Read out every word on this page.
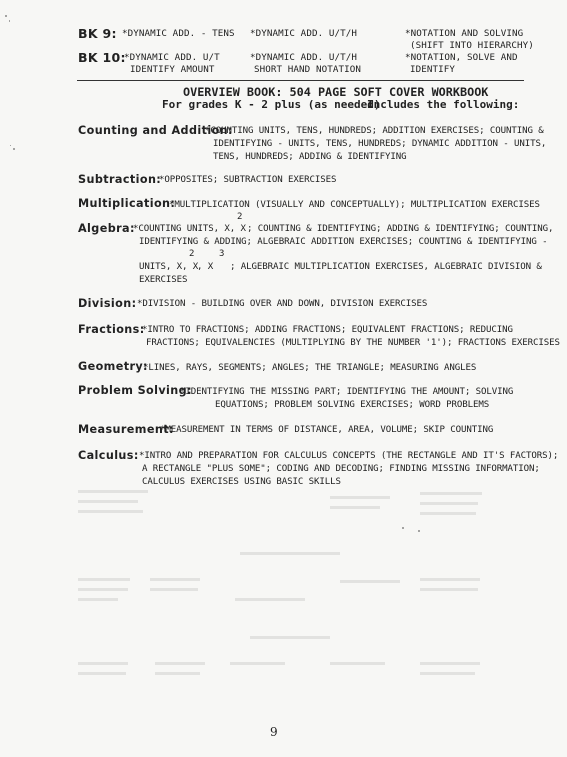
BK 9: *DYNAMIC ADD. - TENS *DYNAMIC ADD. U/T/H	*NOTATION AND SOLVING
(SHIFT INTO HIERARCHY)
BK 10:
*DYNAMIC ADD. U/T
IDENTIFY AMOUNT
*DYNAMIC ADD. U/T/H
SHORT HAND NOTATION
*NOTATION, SOLVE AND
IDENTIFY
OVERVIEW BOOK: 504 PAGE SOFT COVER WORKBOOK
For grades K - 2 plus (as needed)
Includes the following:
Counting and Addition:
*COUNTING UNITS, TENS, HUNDREDS; ADDITION EXERCISES; COUNTING &
IDENTIFYING - UNITS, TENS, HUNDREDS; DYNAMIC ADDITION - UNITS,
TENS, HUNDREDS; ADDING & IDENTIFYING
Subtraction:
*OPPOSITES; SUBTRACTION EXERCISES
Multiplication:
*MULTIPLICATION (VISUALLY AND CONCEPTUALLY); MULTIPLICATION EXERCISES
Algebra:
2
*COUNTING UNITS, X, X ; COUNTING & IDENTIFYING; ADDING & IDENTIFYING; COUNTING,
IDENTIFYING & ADDING; ALGEBRAIC ADDITION EXERCISES; COUNTING & IDENTIFYING -
2	3
UNITS, X, X
, X ; ALGEBRAIC MULTIPLICATION EXERCISES, ALGEBRAIC DIVISION &
EXERCISES
Division: *DIVISION - BUILDING OVER AND DOWN, DIVISION EXERCISES
Fractions:
*INTRO TO FRACTIONS; ADDING FRACTIONS; EQUIVALENT FRACTIONS; REDUCING
FRACTIONS; EQUIVALENCIES (MULTIPLYING BY THE NUMBER '1'); FRACTIONS EXERCISES
Geometry:
*LINES, RAYS, SEGMENTS; ANGLES; THE TRIANGLE; MEASURING ANGLES
Problem Solving:
*IDENTIFYING THE MISSING PART; IDENTIFYING THE AMOUNT; SOLVING
EQUATIONS; PROBLEM SOLVING EXERCISES; WORD PROBLEMS
Measurement:
*MEASUREMENT IN TERMS OF DISTANCE, AREA, VOLUME; SKIP COUNTING
Calculus: *INTRO AND PREPARATION FOR CALCULUS CONCEPTS (THE RECTANGLE AND IT'S FACTORS);
A RECTANGLE "PLUS SOME"; CODING AND DECODING; FINDING MISSING INFORMATION;
CALCULUS EXERCISES USING BASIC SKILLS
9
